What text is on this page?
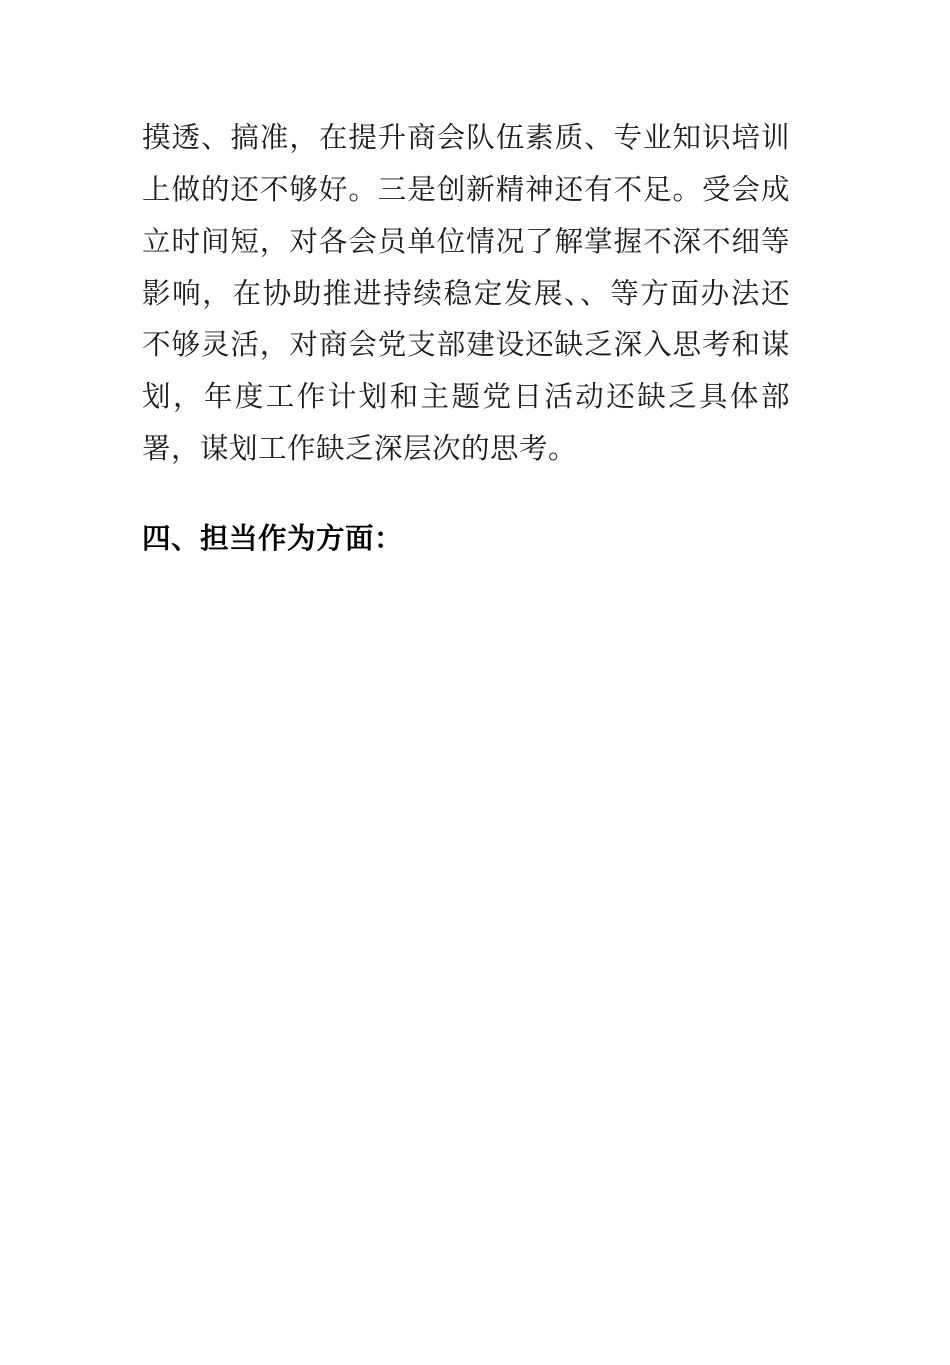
摸透、搞准，在提升商会队伍素质、专业知识培训上做的还不够好。三是创新精神还有不足。受会成立时间短，对各会员单位情况了解掌握不深不细等影响，在协助推进持续稳定发展、、等方面办法还不够灵活，对商会党支部建设还缺乏深入思考和谋划，年度工作计划和主题党日活动还缺乏具体部署，谋划工作缺乏深层次的思考。

四、担当作为方面：
